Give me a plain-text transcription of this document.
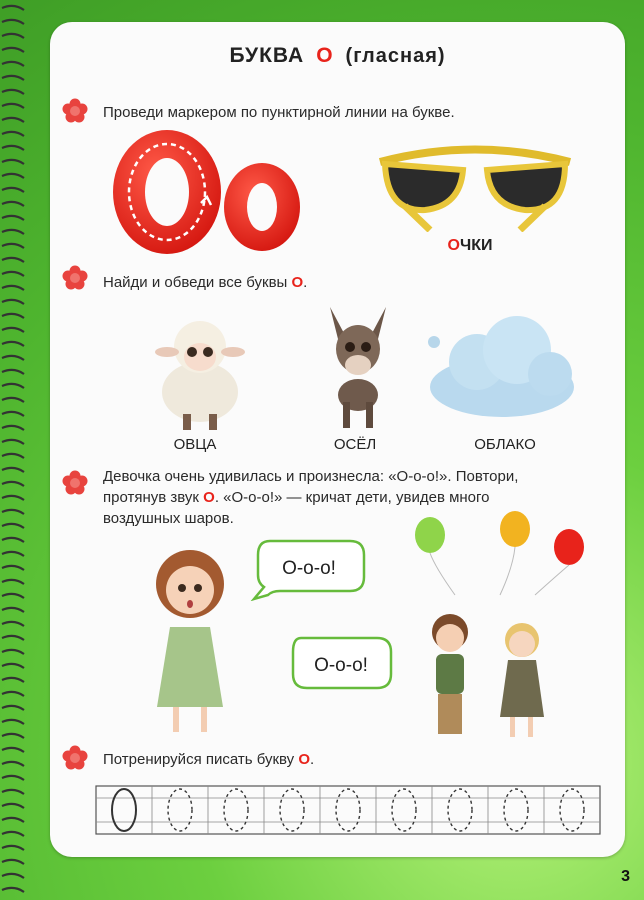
БУКВА О (гласная)
Проведи маркером по пунктирной линии на букве.
ОЧКИ
Найди и обведи все буквы О.
ОВЦА	ОСЁЛ	ОБЛАКО
Девочка очень удивилась и произнесла: «О-о-о!». Повтори,
протянув звук О. «О-о-о!» — кричат дети, увидев много
воздушных шаров.
О-о-о!
О-о-о!
Потренируйся писать букву О.
3
